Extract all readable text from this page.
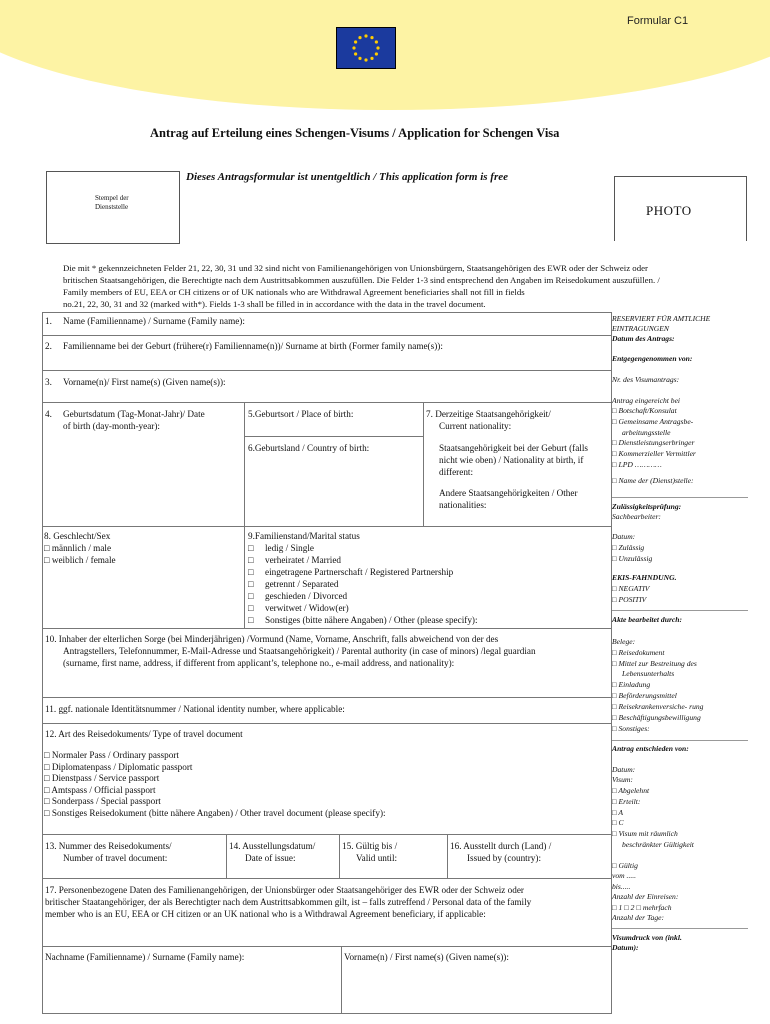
Formular C1
Antrag auf Erteilung eines Schengen-Visums / Application for Schengen Visa
Dieses Antragsformular ist unentgeltlich / This application form is free
Stempel der
Dienststelle	PHOTO
Die mit * gekennzeichneten Felder 21, 22, 30, 31 und 32 sind nicht von Familienangehörigen von Unionsbürgern, Staatsangehörigen des EWR oder der Schweiz oder
britischen Staatsangehörigen, die Berechtigte nach dem Austrittsabkommen auszufüllen. Die Felder 1-3 sind entsprechend den Angaben im Reisedokument auszufüllen. /
Family members of EU, EEA or CH citizens or of UK nationals who are Withdrawal Agreement beneficiaries shall not fill in fields
no.21, 22, 30, 31 and 32 (marked with*). Fields 1-3 shall be filled in in accordance with the data in the travel document.
1. Name (Familienname) / Surname (Family name):
2. Familienname bei der Geburt (frühere(r) Familienname(n))/ Surname at birth (Former family name(s)):
3. Vorname(n)/ First name(s) (Given name(s)):
4. Geburtsdatum (Tag-Monat-Jahr)/ Date
of birth (day-month-year):
5.Geburtsort / Place of birth:
6.Geburtsland / Country of birth:
7. Derzeitige Staatsangehörigkeit/
Current nationality:
Staatsangehörigkeit bei der Geburt (falls
nicht wie oben) / Nationality at birth, if
different:
Andere Staatsangehörigkeiten / Other
nationalities:
8. Geschlecht/Sex
□ männlich / male
□ weiblich / female
9.Familienstand/Marital status
□ ledig / Single
□ verheiratet / Married
□ eingetragene Partnerschaft / Registered Partnership
□ getrennt / Separated
□ geschieden / Divorced
□ verwitwet / Widow(er)
□ Sonstiges (bitte nähere Angaben) / Other (please specify):
10. Inhaber der elterlichen Sorge (bei Minderjährigen) /Vormund (Name, Vorname, Anschrift, falls abweichend von der des
Antragstellers, Telefonnummer, E-Mail-Adresse und Staatsangehörigkeit) / Parental authority (in case of minors) /legal guardian
(surname, first name, address, if different from applicant’s, telephone no., e-mail address, and nationality):
11. ggf. nationale Identitätsnummer / National identity number, where applicable:
12. Art des Reisedokuments/ Type of travel document
□ Normaler Pass / Ordinary passport
□ Diplomatenpass / Diplomatic passport
□ Dienstpass / Service passport
□ Amtspass / Official passport
□ Sonderpass / Special passport
□ Sonstiges Reisedokument (bitte nähere Angaben) / Other travel document (please specify):
13. Nummer des Reisedokuments/
Number of travel document:
14. Ausstellungsdatum/
Date of issue:
15. Gültig bis /
Valid until:
16. Ausstellt durch (Land) /
Issued by (country):
17. Personenbezogene Daten des Familienangehörigen, der Unionsbürger oder Staatsangehöriger des EWR oder der Schweiz oder
britischer Staatangehöriger, der als Berechtigter nach dem Austrittsabkommen gilt, ist – falls zutreffend / Personal data of the family
member who is an EU, EEA or CH citizen or an UK national who is a Withdrawal Agreement beneficiary, if applicable:
Nachname (Familienname) / Surname (Family name):	Vorname(n) / First name(s) (Given name(s)):
RESERVIERT FÜR AMTLICHE
EINTRAGUNGEN
Datum des Antrags:
Entgegengenommen von:
Nr. des Visumantrags:
Antrag eingereicht bei
□ Botschaft/Konsulat
□ Gemeinsame Antragsbe-
arbeitungsstelle
□ Dienstleistungserbringer
□ Kommerzieller Vermittler
□ LPD …………
□ Name der (Dienst)stelle:
Zulässigkeitsprüfung:
Sachbearbeiter:
Datum:
□ Zulässig
□ Unzulässig
EKIS-FAHNDUNG.
□ NEGATIV
□ POSITIV
Akte bearbeitet durch:
Belege:
□ Reisedokument
□ Mittel zur Bestreitung des
Lebensunterhalts
□ Einladung
□ Beförderungsmittel
□ Reisekrankenversiche- rung
□ Beschäftigungsbewilligung
□ Sonstiges:
Antrag entschieden von:
Datum:
Visum:
□ Abgelehnt
□ Erteilt:
□ A
□ C
□ Visum mit räumlich
beschränkter Gültigkeit
□ Gültig
vom .....
bis.....
Anzahl der Einreisen:
□ 1 □ 2 □ mehrfach
Anzahl der Tage:
Visumdruck von (inkl.
Datum):
